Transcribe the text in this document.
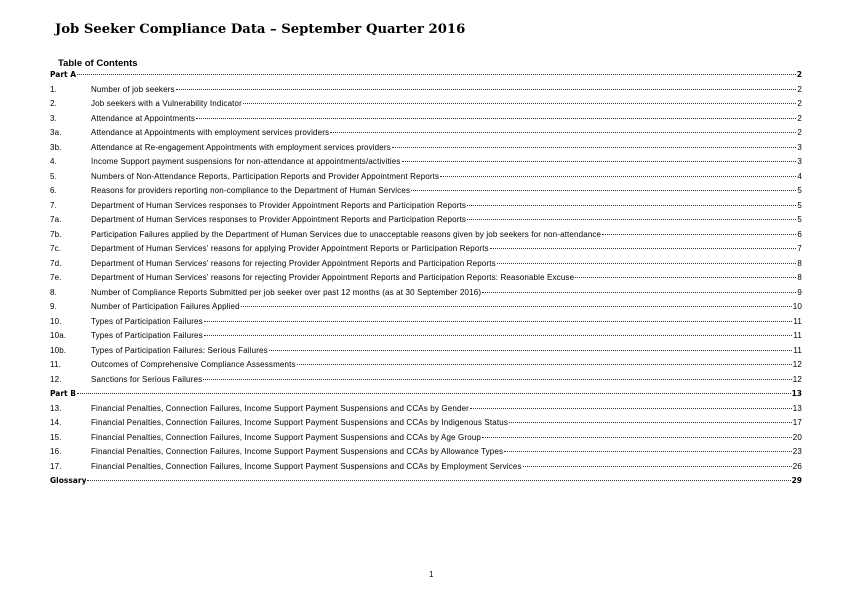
Job Seeker Compliance Data – September Quarter 2016
Table of Contents
Part A	2
1.	Number of job seekers	2
2.	Job seekers with a Vulnerability Indicator	2
3.	Attendance at Appointments	2
3a.	Attendance at Appointments with employment services providers	2
3b.	Attendance at Re-engagement Appointments with employment services providers	3
4.	Income Support payment suspensions for non-attendance at appointments/activities	3
5.	Numbers of Non-Attendance Reports, Participation Reports and Provider Appointment Reports	4
6.	Reasons for providers reporting non-compliance to the Department of Human Services	5
7.	Department of Human Services responses to Provider Appointment Reports and Participation Reports	5
7a.	Department of Human Services responses to Provider Appointment Reports and Participation Reports	5
7b.	Participation Failures applied by the Department of Human Services due to unacceptable reasons given by job seekers for non-attendance	6
7c.	Department of Human Services' reasons for applying Provider Appointment Reports or Participation Reports	7
7d.	Department of Human Services' reasons for rejecting Provider Appointment Reports and Participation Reports	8
7e.	Department of Human Services' reasons for rejecting Provider Appointment Reports and Participation Reports: Reasonable Excuse	8
8.	Number of Compliance Reports Submitted per job seeker over past 12 months (as at 30 September 2016)	9
9.	Number of Participation Failures Applied	10
10.	Types of Participation Failures	11
10a.	Types of Participation Failures	11
10b.	Types of Participation Failures: Serious Failures	11
11.	Outcomes of Comprehensive Compliance Assessments	12
12.	Sanctions for Serious Failures	12
Part B	13
13.	Financial Penalties, Connection Failures, Income Support Payment Suspensions and CCAs by Gender	13
14.	Financial Penalties, Connection Failures, Income Support Payment Suspensions and CCAs by Indigenous Status	17
15.	Financial Penalties, Connection Failures, Income Support Payment Suspensions and CCAs by Age Group	20
16.	Financial Penalties, Connection Failures, Income Support Payment Suspensions and CCAs by Allowance Types	23
17.	Financial Penalties, Connection Failures, Income Support Payment Suspensions and CCAs by Employment Services	26
Glossary	29
1
